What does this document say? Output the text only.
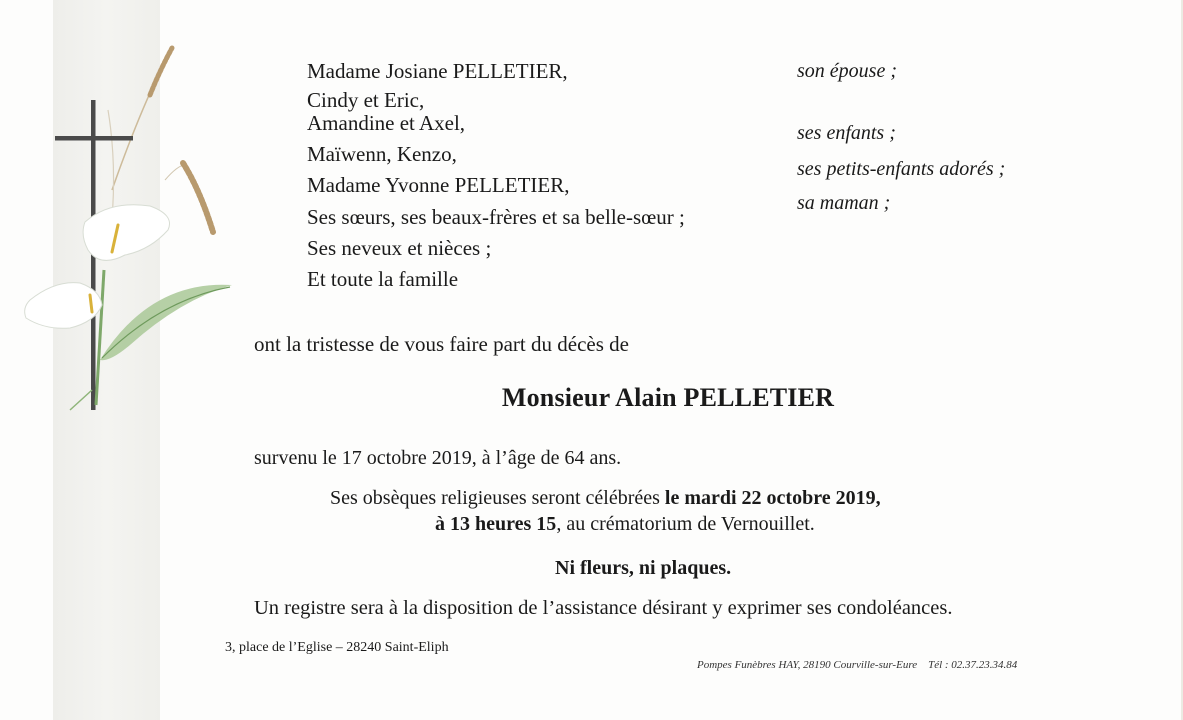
Madame Josiane PELLETIER,
Cindy et Eric,
Amandine et Axel,
Maïwenn, Kenzo,
Madame Yvonne PELLETIER,
Ses sœurs, ses beaux-frères et sa belle-sœur ;
Ses neveux et nièces ;
Et toute la famille
son épouse ;
ses enfants ;
ses petits-enfants adorés ;
sa maman ;
ont la tristesse de vous faire part du décès de
Monsieur Alain PELLETIER
survenu le 17 octobre 2019, à l’âge de 64 ans.
Ses obsèques religieuses seront célébrées le mardi 22 octobre 2019,
à 13 heures 15, au crématorium de Vernouillet.
Ni fleurs, ni plaques.
Un registre sera à la disposition de l’assistance désirant y exprimer ses condoléances.
3, place de l’Eglise – 28240 Saint-Eliph
Pompes Funèbres HAY, 28190 Courville-sur-Eure Tél : 02.37.23.34.84
